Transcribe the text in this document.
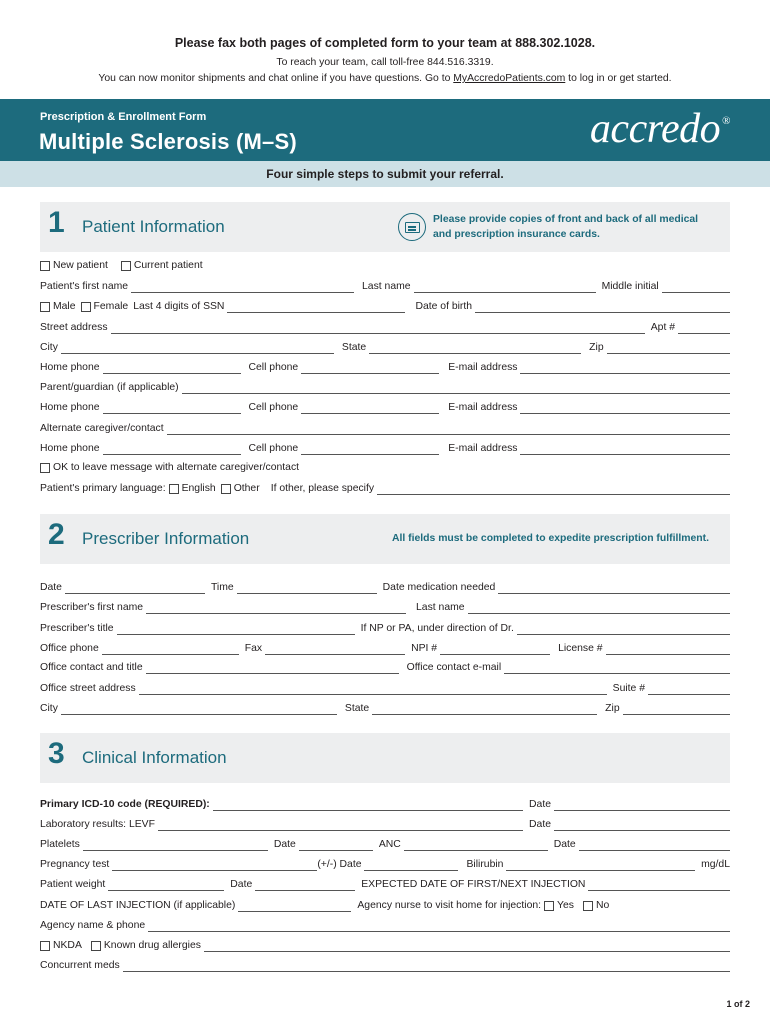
Please fax both pages of completed form to your team at 888.302.1028.
To reach your team, call toll-free 844.516.3319.
You can now monitor shipments and chat online if you have questions. Go to MyAccredoPatients.com to log in or get started.
Prescription & Enrollment Form
Multiple Sclerosis (M–S)	accredo ®
Four simple steps to submit your referral.
1 Patient Information	Please provide copies of front and back of all medical
and prescription insurance cards.
New patient	Current patient
Patient's first name	Last name	Middle initial
Male Female Last 4 digits of SSN	Date of birth
Street address	Apt #
City	State	Zip
Home phone	Cell phone	E-mail address
Parent/guardian (if applicable)
Home phone	Cell phone	E-mail address
Alternate caregiver/contact
Home phone	Cell phone	E-mail address
OK to leave message with alternate caregiver/contact
Patient's primary language: English Other If other, please specify
2 Prescriber Information	All fields must be completed to expedite prescription fulfillment.
Date	Time	Date medication needed
Prescriber's first name	Last name
Prescriber's title	If NP or PA, under direction of Dr.
Office phone	Fax	NPI #	License #
Office contact and title	Office contact e-mail
Office street address	Suite #
City	State	Zip
3 Clinical Information
Primary ICD-10 code (REQUIRED):	Date
Laboratory results: LEVF	Date
Platelets	Date	ANC	Date
Pregnancy test	(+/-) Date	Bilirubin	mg/dL
Patient weight	Date	EXPECTED DATE OF FIRST/NEXT INJECTION
DATE OF LAST INJECTION (if applicable)	Agency nurse to visit home for injection: Yes No
Agency name & phone
NKDA Known drug allergies
Concurrent meds
1 of 2
